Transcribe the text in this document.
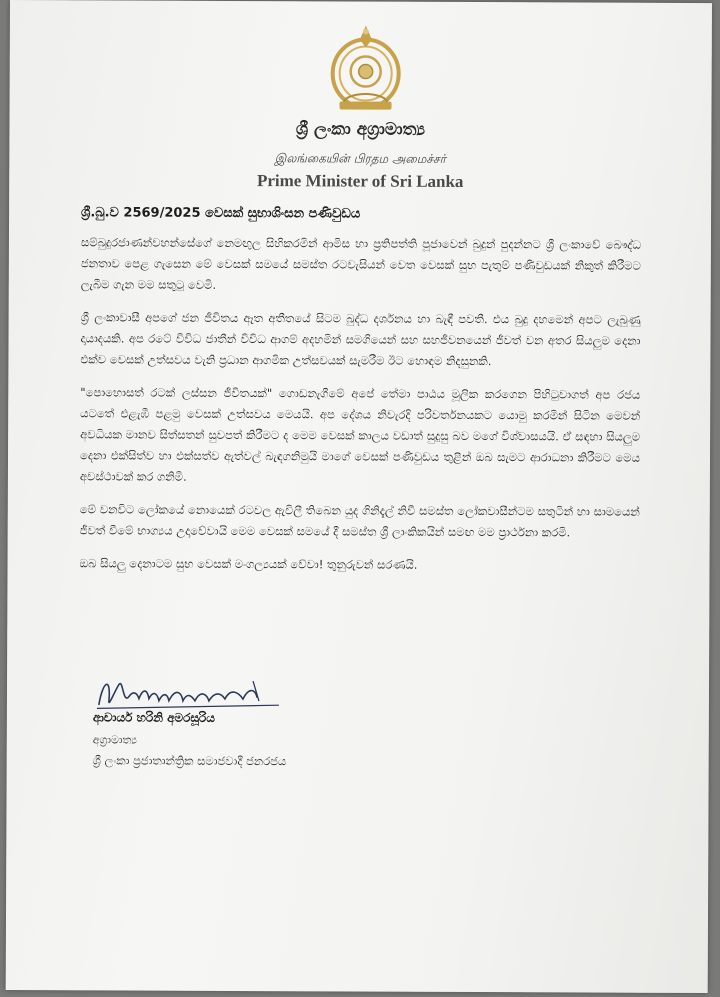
ශ්‍රී ලංකා අග්‍රාමාත්‍ය
இலங்கையின் பிரதம அமைச்சர்
Prime Minister of Sri Lanka
ශ්‍රී.බු.ව 2569/2025 වෙසක් සුභාශිංසන පණිවුඩය

සම්බුදුරජාණන්වහන්සේගේ නෙමඟුල සිහිකරමින් ආමිස හා ප්‍රතිපත්ති පූජාවෙන් බුදුන් පුදන්නට ශ්‍රී ලංකාවේ බෞද්ධ ජනතාව පෙළ ගැසෙන මේ වෙසක් සමයේ සමස්ත රටවැසියන් වෙත වෙසක් සුභ පැතුම් පණිවුඩයක් නිකුත් කිරීමට ලැබීම ගැන මම සතුටු වෙමි.

ශ්‍රී ලංකාවාසී අපගේ ජන ජීවිතය ඈත අතීතයේ සිටම බුද්ධ දර්ශනය හා බැඳී පවතී. එය බුදු දහමෙන් අපට ලැබුණු දායාදයකි. අප රටේ විවිධ ජාතීන් විවිධ ආගම් අදහමින් සමගියෙන් සහ සහජීවනයෙන් ජීවත් වන අතර සියලුම දෙනා එක්ව වෙසක් උත්සවය වැනි ප්‍රධාන ආගමික උත්සවයක් සැමරීම ඊට හොඳම නිදසුනකි.

"පොහොසත් රටක් ලස්සන ජීවිතයක්" ගොඩනැගීමේ අපේ තේමා පාඨය මූලික කරගෙන පිහිටුවාගත් අප රජය යටතේ එළැඹී පළමු වෙසක් උත්සවය මෙයයි. අප දේශය නිවැරදි පරිවර්තනයකට යොමු කරමින් සිටින මෙවන් අවධියක මානව සිත්සතන් සුවපත් කිරීමට ද මෙම වෙසක් කාලය වඩාත් සුදුසු බව මගේ විශ්වාසයයි. ඒ සඳහා සියලුම දෙනා එක්සිත්ව හා එක්සත්ව ඇත්වල් බැඳගනිමුයි මාගේ වෙසක් පණිවුඩය තුළින් ඔබ සැමට ආරාධනා කිරීමට මෙය අවස්ථාවක් කර ගනිමි.

මේ වනවිට ලෝකයේ නොයෙක් රටවල ඇවිලී තිබෙන යුද ගිනිදැල් නිවී සමස්ත ලෝකවාසීන්ටම සතුටින් හා සාමයෙන් ජීවත් වීමේ භාග්‍යය උදාවේවායි මෙම වෙසක් සමයේ දී සමස්ත ශ්‍රී ලාංකිකයින් සමඟ මම ප්‍රාර්ථනා කරමි.

ඔබ සියලු දෙනාටම සුභ වෙසක් මංගල්‍යයක් වේවා! තුනුරුවන් සරණයි.

ආචාර්ය හරිනි අමරසූරිය
අග්‍රාමාත්‍ය
ශ්‍රී ලංකා ප්‍රජාතාන්ත්‍රික සමාජවාදී ජනරජය
